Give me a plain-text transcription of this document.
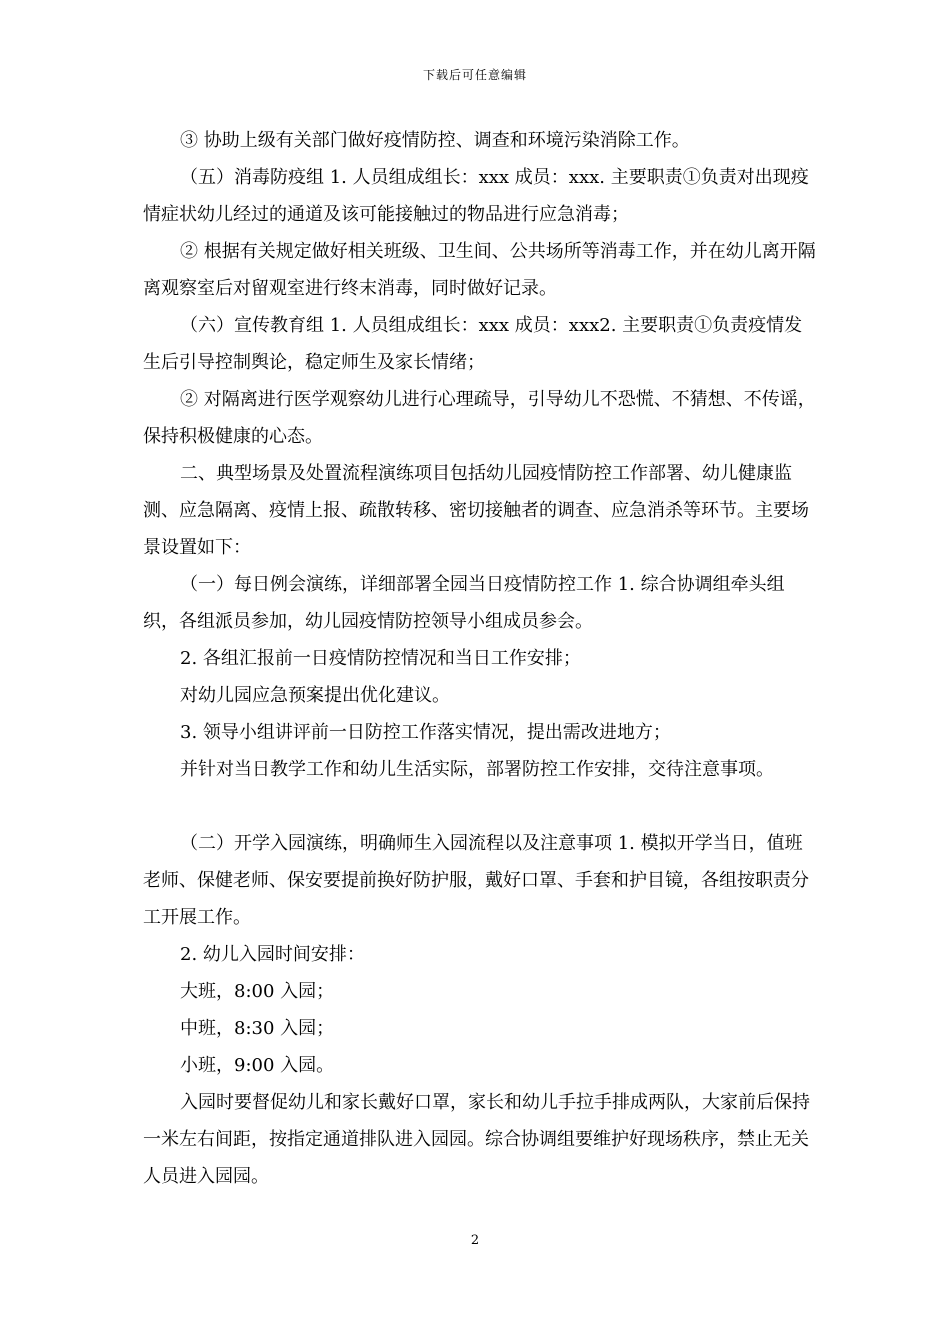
下载后可任意编辑

③ 协助上级有关部门做好疫情防控、调查和环境污染消除工作。

（五）消毒防疫组 1. 人员组成组长：xxx 成员：xxx. 主要职责①负责对出现疫情症状幼儿经过的通道及该可能接触过的物品进行应急消毒；

② 根据有关规定做好相关班级、卫生间、公共场所等消毒工作，并在幼儿离开隔离观察室后对留观室进行终末消毒，同时做好记录。

（六）宣传教育组 1. 人员组成组长：xxx 成员：xxx2. 主要职责①负责疫情发生后引导控制舆论，稳定师生及家长情绪；

② 对隔离进行医学观察幼儿进行心理疏导，引导幼儿不恐慌、不猜想、不传谣，保持积极健康的心态。

二、典型场景及处置流程演练项目包括幼儿园疫情防控工作部署、幼儿健康监测、应急隔离、疫情上报、疏散转移、密切接触者的调查、应急消杀等环节。主要场景设置如下：

（一）每日例会演练，详细部署全园当日疫情防控工作 1. 综合协调组牵头组织，各组派员参加，幼儿园疫情防控领导小组成员参会。

2. 各组汇报前一日疫情防控情况和当日工作安排；

对幼儿园应急预案提出优化建议。

3. 领导小组讲评前一日防控工作落实情况，提出需改进地方；

并针对当日教学工作和幼儿生活实际，部署防控工作安排，交待注意事项。

（二）开学入园演练，明确师生入园流程以及注意事项 1. 模拟开学当日，值班老师、保健老师、保安要提前换好防护服，戴好口罩、手套和护目镜，各组按职责分工开展工作。

2. 幼儿入园时间安排：

大班，8:00 入园；

中班，8:30 入园；

小班，9:00 入园。

入园时要督促幼儿和家长戴好口罩，家长和幼儿手拉手排成两队，大家前后保持一米左右间距，按指定通道排队进入园园。综合协调组要维护好现场秩序，禁止无关人员进入园园。

2
